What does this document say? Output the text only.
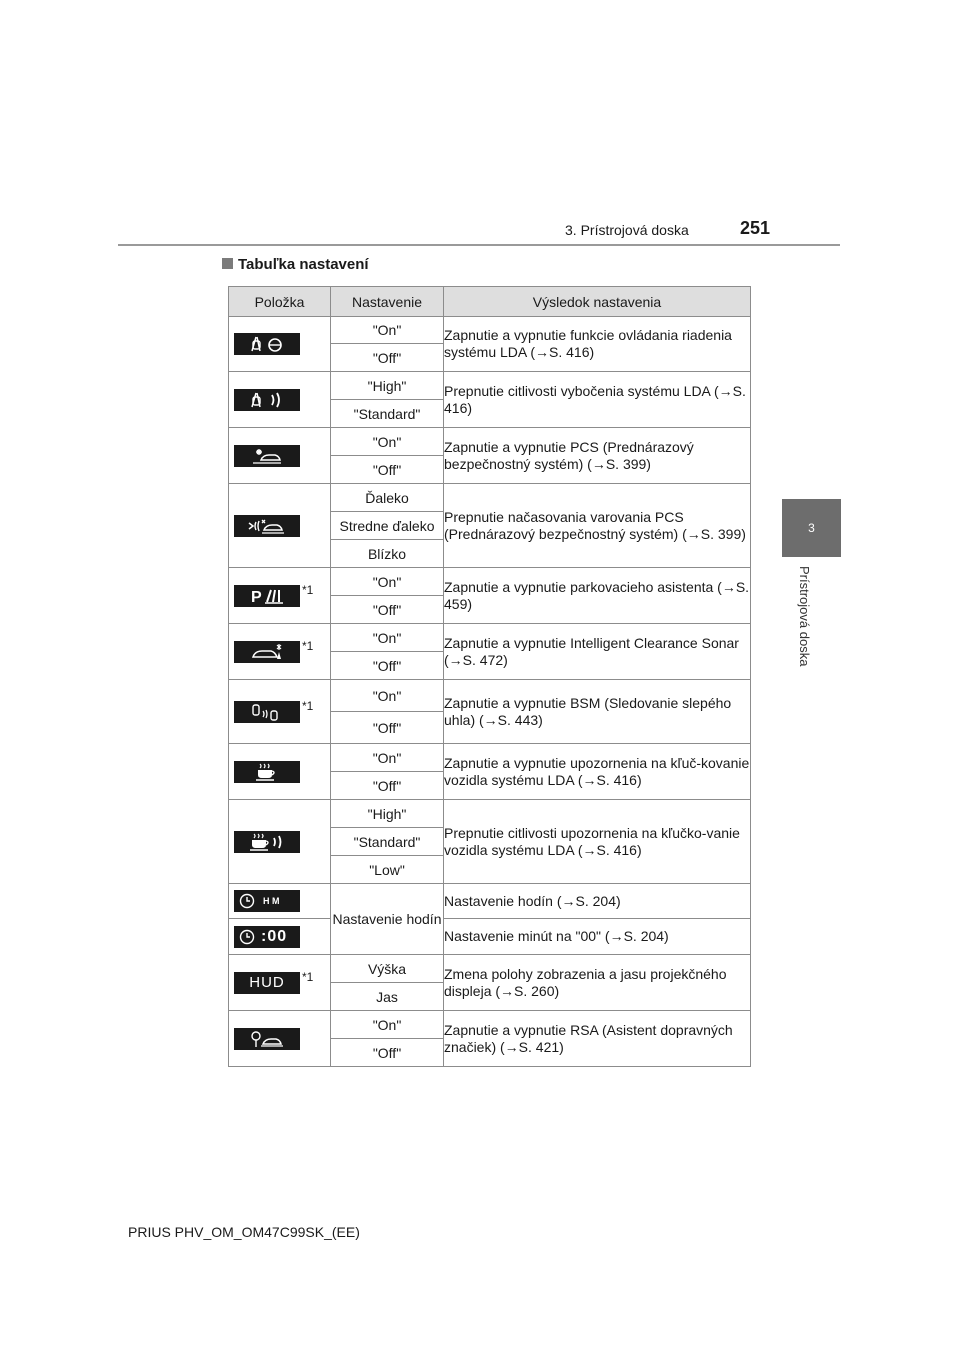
3. Prístrojová doska	251
3
Prístrojová doska
Tabuľka nastavení
Položka	Nastavenie	Výsledok nastavenia

	"On"	Zapnutie a vypnutie funkcie ovládania riadenia systému LDA (→S. 416)
	"Off"	

	"High"	Prepnutie citlivosti vybočenia systému LDA (→S. 416)
	"Standard"	

	"On"	Zapnutie a vypnutie PCS (Prednárazový bezpečnostný systém) (→S. 399)
	"Off"	

	Ďaleko	Prepnutie načasovania varovania PCS (Prednárazový bezpečnostný systém) (→S. 399)
	Stredne ďaleko	
	Blízko	

P *1	"On"	Zapnutie a vypnutie parkovacieho asistenta (→S. 459)
	"Off"	

*1	"On"	Zapnutie a vypnutie Intelligent Clearance Sonar (→S. 472)
	"Off"	

*1	"On"	Zapnutie a vypnutie BSM (Sledovanie slepého uhla) (→S. 443)
	"Off"	

	"On"	Zapnutie a vypnutie upozornenia na kľuč-kovanie vozidla systému LDA (→S. 416)
	"Off"	

	"High"	Prepnutie citlivosti upozornenia na kľučko-vanie vozidla systému LDA (→S. 416)
	"Standard"	
	"Low"	

H M	Nastavenie hodín	Nastavenie hodín (→S. 204)

:00		Nastavenie minút na "00" (→S. 204)

HUD *1	Výška	Zmena polohy zobrazenia a jasu projekčného displeja (→S. 260)
	Jas	

	"On"	Zapnutie a vypnutie RSA (Asistent dopravných značiek) (→S. 421)
	"Off"	
PRIUS PHV_OM_OM47C99SK_(EE)
